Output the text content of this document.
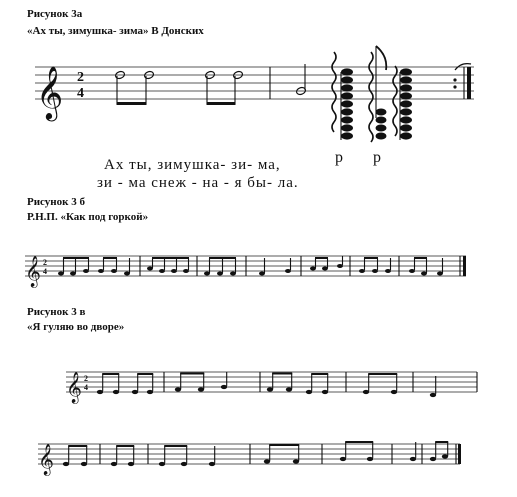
Рисунок 3а
«Ах ты, зимушка- зима» В Донских
𝄞 2
4
р р
Ах ты, зимушка- зи- ма,
зи - ма снеж - на - я бы- ла.
Рисунок 3 б
Р.Н.П. «Как под горкой»
𝄞 2
4
Рисунок 3 в
«Я гуляю во дворе»
𝄞 2
4
𝄞
